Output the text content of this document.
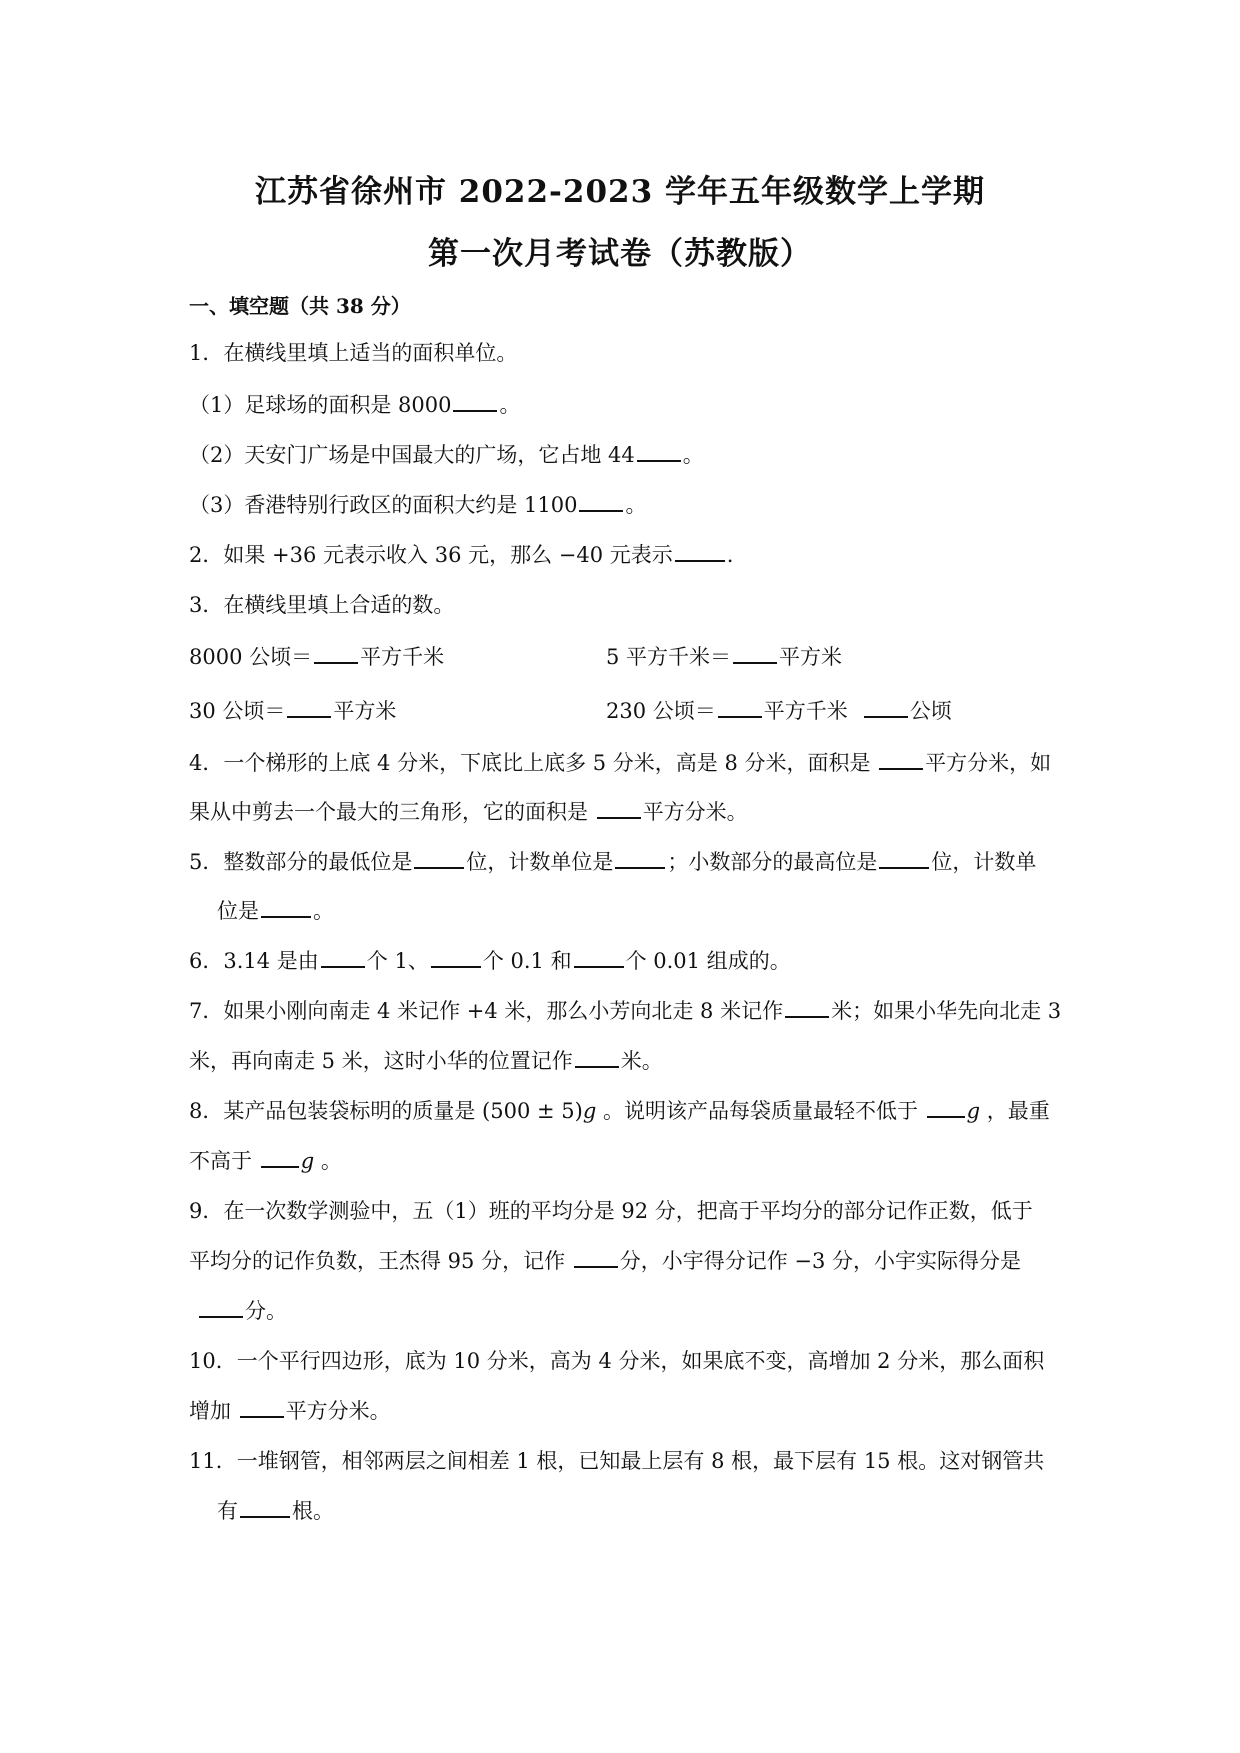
江苏省徐州市 2022-2023 学年五年级数学上学期
第一次月考试卷（苏教版）
一、填空题（共 38 分）
1．在横线里填上适当的面积单位。
（1）足球场的面积是 8000 。
（2）天安门广场是中国最大的广场，它占地 44 。
（3）香港特别行政区的面积大约是 1100 。
2．如果 +36 元表示收入 36 元，那么 −40 元表示	.
3．在横线里填上合适的数。
8000 公顷＝ 平方千米	5 平方千米＝ 平方米
30 公顷＝ 平方米	230 公顷＝ 平方千米	公顷
4．一个梯形的上底 4 分米，下底比上底多 5 分米，高是 8 分米，面积是 平方分米，如
果从中剪去一个最大的三角形，它的面积是 平方分米。
5．整数部分的最低位是	位，计数单位是	；小数部分的最高位是	位，计数单
位是	。
6．3.14 是由 个 1、	个 0.1 和	个 0.01 组成的。
7．如果小刚向南走 4 米记作 +4 米，那么小芳向北走 8 米记作 米；如果小华先向北走 3
米，再向南走 5 米，这时小华的位置记作 米。
8．某产品包装袋标明的质量是 (500 ± 5)g 。说明该产品每袋质量最轻不低于 g ，最重
不高于 g 。
9．在一次数学测验中，五（1）班的平均分是 92 分，把高于平均分的部分记作正数，低于
平均分的记作负数，王杰得 95 分，记作 分，小宇得分记作 −3 分，小宇实际得分是
分。
10．一个平行四边形，底为 10 分米，高为 4 分米，如果底不变，高增加 2 分米，那么面积
增加 平方分米。
11．一堆钢管，相邻两层之间相差 1 根，已知最上层有 8 根，最下层有 15 根。这对钢管共
有	根。
